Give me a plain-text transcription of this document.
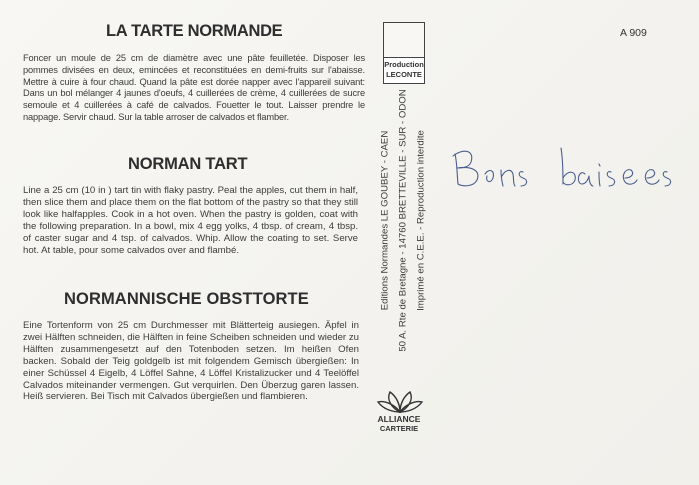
LA TARTE NORMANDE
Foncer un moule de 25 cm de diamètre avec une pâte feuilletée. Disposer les pommes divisées en deux, emincées et reconstituées en demi-fruits sur l'abaisse. Mettre à cuire à four chaud. Quand la pâte est dorée napper avec l'appareil suivant: Dans un bol mélanger 4 jaunes d'oeufs, 4 cuillerées de crème, 4 cuillerées de sucre semoule et 4 cuillerées à café de calvados. Fouetter le tout. Laisser prendre le nappage. Servir chaud. Sur la table arroser de calvados et flamber.
NORMAN TART
Line a 25 cm (10 in ) tart tin with flaky pastry. Peal the apples, cut them in half, then slice them and place them on the flat bottom of the pastry so that they still look like halfapples. Cook in a hot oven. When the pastry is golden, coat with the following preparation. In a bowl, mix 4 egg yolks, 4 tbsp. of cream, 4 tbsp. of caster sugar and 4 tsp. of calvados. Whip. Allow the coating to set. Serve hot. At table, pour some calvados over and flambé.
NORMANNISCHE OBSTTORTE
Eine Tortenform von 25 cm Durchmesser mit Blätterteig ausiegen. Äpfel in zwei Hälften schneiden, die Hälften in feine Scheiben schneiden und wieder zu Hälften zusammengesetzt auf den Totenboden setzen. Im heißen Ofen backen. Sobald der Teig goldgelb ist mit folgendem Gemisch übergießen: In einer Schüssel 4 Eigelb, 4 Löffel Sahne, 4 Löffel Kristalizucker und 4 Teelöffel Calvados miteinander vermengen. Gut verquirlen. Den Überzug garen lassen. Heiß servieren. Bei Tisch mit Calvados übergießen und flambieren.
A 909
Production
LECONTE
Editions Normandes LE GOUBEY - CAEN 50 A. Rte de Bretagne - 14760 BRETTEVILLE - SUR - ODON Imprimé en C.E.E. - Reproduction interdite
ALLIANCE
CARTERIE
